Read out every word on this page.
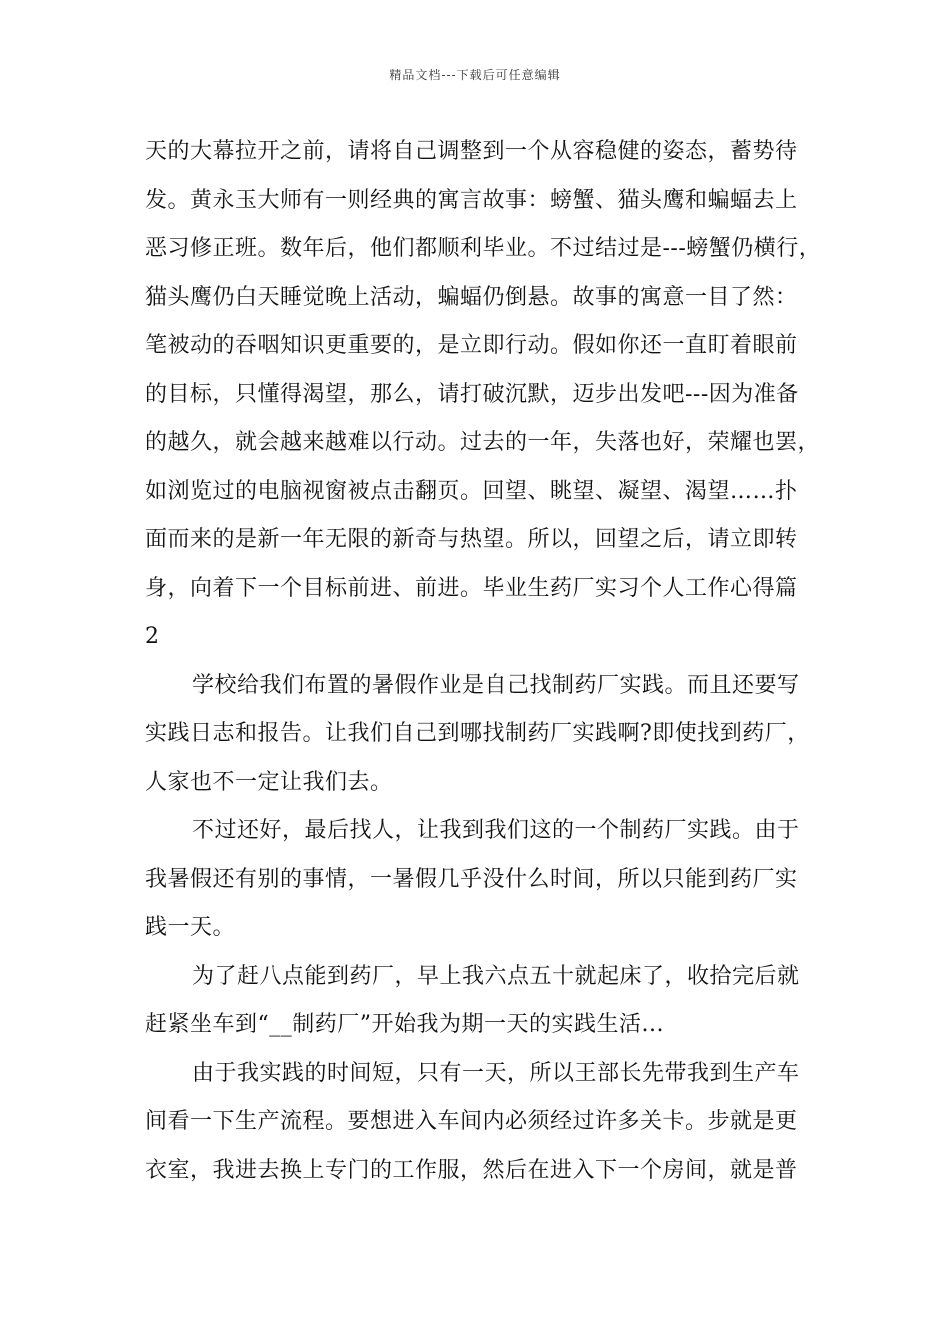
精品文档---下载后可任意编辑
天的大幕拉开之前，请将自己调整到一个从容稳健的姿态，蓄势待
发。黄永玉大师有一则经典的寓言故事：螃蟹、猫头鹰和蝙蝠去上
恶习修正班。数年后，他们都顺利毕业。不过结过是---螃蟹仍横行，
猫头鹰仍白天睡觉晚上活动，蝙蝠仍倒悬。故事的寓意一目了然：
笔被动的吞咽知识更重要的，是立即行动。假如你还一直盯着眼前
的目标，只懂得渴望，那么，请打破沉默，迈步出发吧---因为准备
的越久，就会越来越难以行动。过去的一年，失落也好，荣耀也罢，
如浏览过的电脑视窗被点击翻页。回望、眺望、凝望、渴望……扑
面而来的是新一年无限的新奇与热望。所以，回望之后，请立即转
身，向着下一个目标前进、前进。毕业生药厂实习个人工作心得篇
2
学校给我们布置的暑假作业是自己找制药厂实践。而且还要写
实践日志和报告。让我们自己到哪找制药厂实践啊?即使找到药厂，
人家也不一定让我们去。
不过还好，最后找人，让我到我们这的一个制药厂实践。由于
我暑假还有别的事情，一暑假几乎没什么时间，所以只能到药厂实
践一天。
为了赶八点能到药厂，早上我六点五十就起床了，收拾完后就
赶紧坐车到“__制药厂”开始我为期一天的实践生活...
由于我实践的时间短，只有一天，所以王部长先带我到生产车
间看一下生产流程。要想进入车间内必须经过许多关卡。步就是更
衣室，我进去换上专门的工作服，然后在进入下一个房间，就是普
